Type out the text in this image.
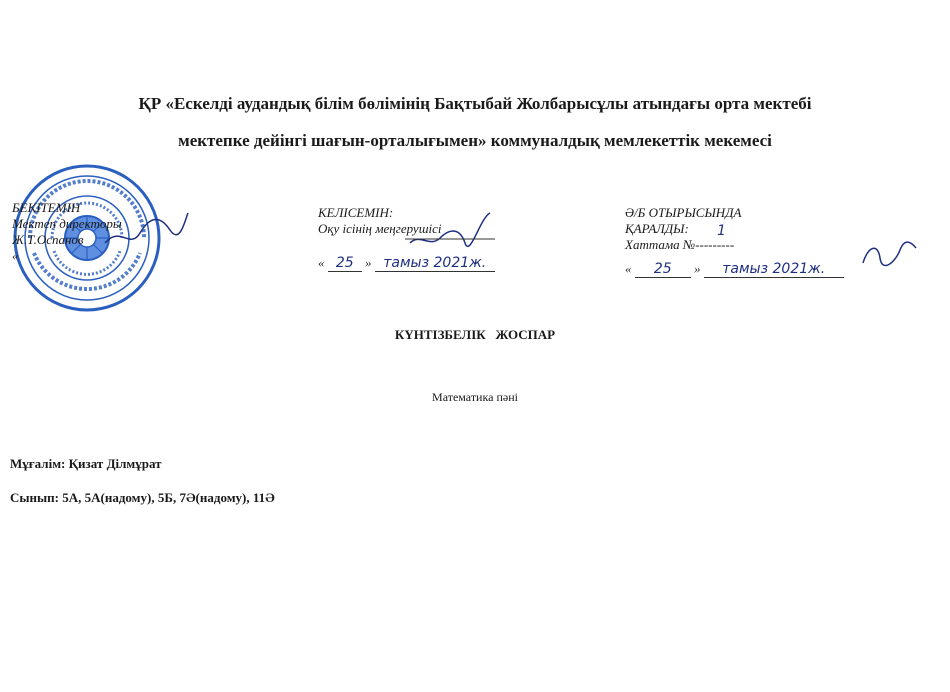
ҚР «Ескелді аудандық білім бөлімінің Бақтыбай Жолбарысұлы атындағы орта мектебі
мектепке дейінгі шағын-орталығымен» коммуналдық мемлекеттік мекемесі
БЕКІТЕМІН
Мектеп директоры
Ж.Т.Оспанов
«
КЕЛІСЕМІН:
Оқу ісінің меңгерушісі
« 25 » тамыз 2021ж.
Ә/Б ОТЫРЫСЫНДА
ҚАРАЛДЫ:
Хаттама №---------
1
« 25 » тамыз 2021ж.
КҮНТІЗБЕЛІК   ЖОСПАР
Математика пәні
Мұғалім: Қизат Ділмұрат
Сынып: 5А, 5А(надому), 5Б, 7Ә(надому), 11Ә
